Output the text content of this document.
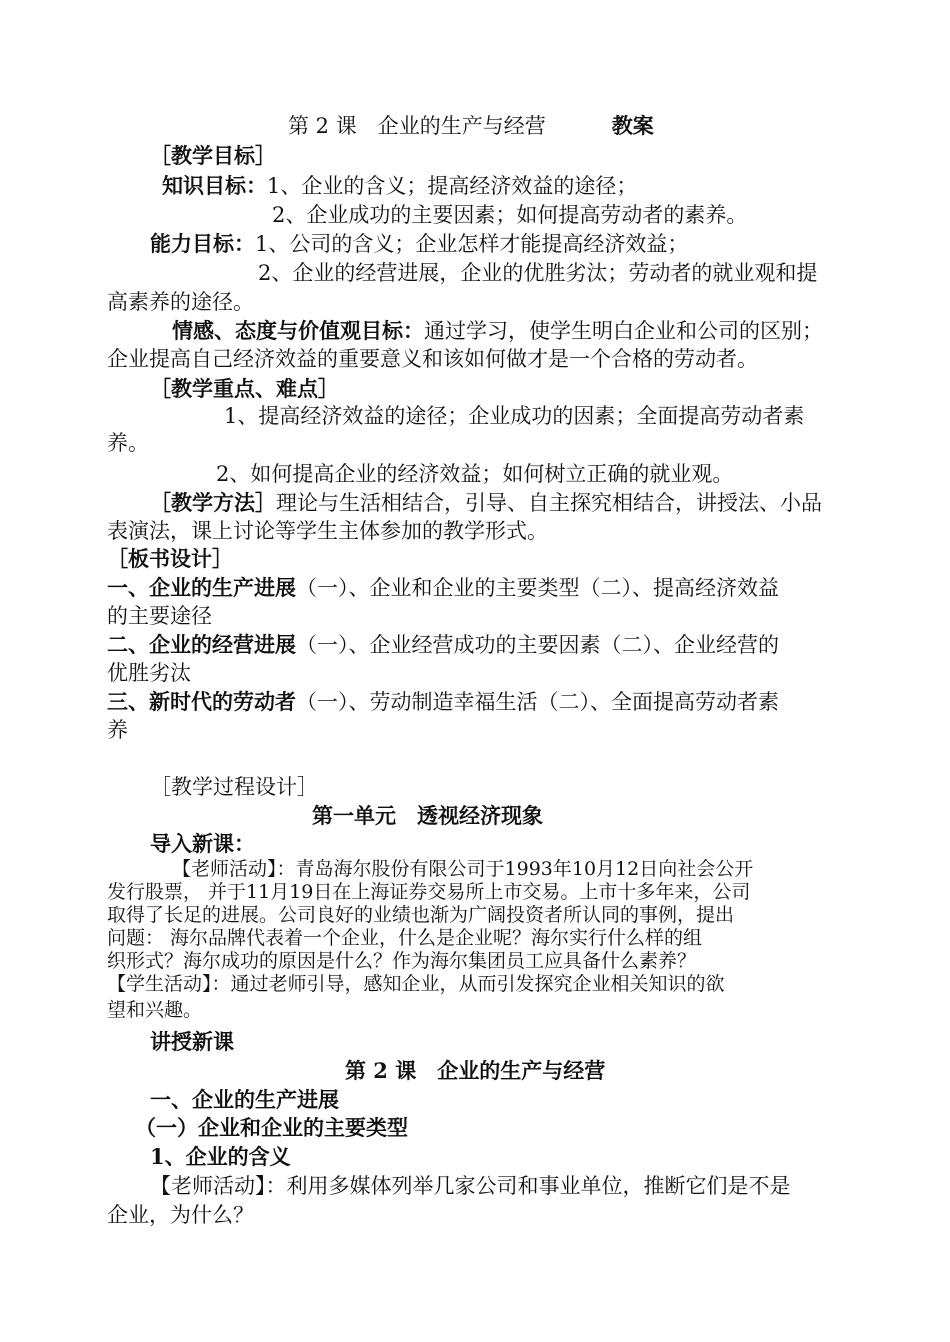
第 2 课　企业的生产与经营	教案
［教学目标］
知识目标：1、企业的含义；提高经济效益的途径；
2、企业成功的主要因素；如何提高劳动者的素养。
能力目标：1、公司的含义；企业怎样才能提高经济效益；
2、企业的经营进展，企业的优胜劣汰；劳动者的就业观和提
高素养的途径。
情感、态度与价值观目标：通过学习，使学生明白企业和公司的区别；
企业提高自己经济效益的重要意义和该如何做才是一个合格的劳动者。
［教学重点、难点］
1、提高经济效益的途径；企业成功的因素；全面提高劳动者素
养。
2、如何提高企业的经济效益；如何树立正确的就业观。
［教学方法］理论与生活相结合，引导、自主探究相结合，讲授法、小品
表演法，课上讨论等学生主体参加的教学形式。
［板书设计］
一、企业的生产进展（一）、企业和企业的主要类型（二）、提高经济效益
的主要途径
二、企业的经营进展（一）、企业经营成功的主要因素（二）、企业经营的
优胜劣汰
三、新时代的劳动者（一）、劳动制造幸福生活（二）、全面提高劳动者素
养
［教学过程设计］
第一单元　透视经济现象
导入新课：
【老师活动】：青岛海尔股份有限公司于1993年10月12日向社会公开
发行股票， 并于11月19日在上海证券交易所上市交易。上市十多年来，公司
取得了长足的进展。公司良好的业绩也渐为广阔投资者所认同的事例，提出
问题： 海尔品牌代表着一个企业，什么是企业呢？海尔实行什么样的组
织形式？海尔成功的原因是什么？作为海尔集团员工应具备什么素养？
【学生活动】：通过老师引导，感知企业，从而引发探究企业相关知识的欲
望和兴趣。
讲授新课
第 2 课　企业的生产与经营
一、企业的生产进展
（一）企业和企业的主要类型
1、企业的含义
【老师活动】：利用多媒体列举几家公司和事业单位，推断它们是不是
企业，为什么？
